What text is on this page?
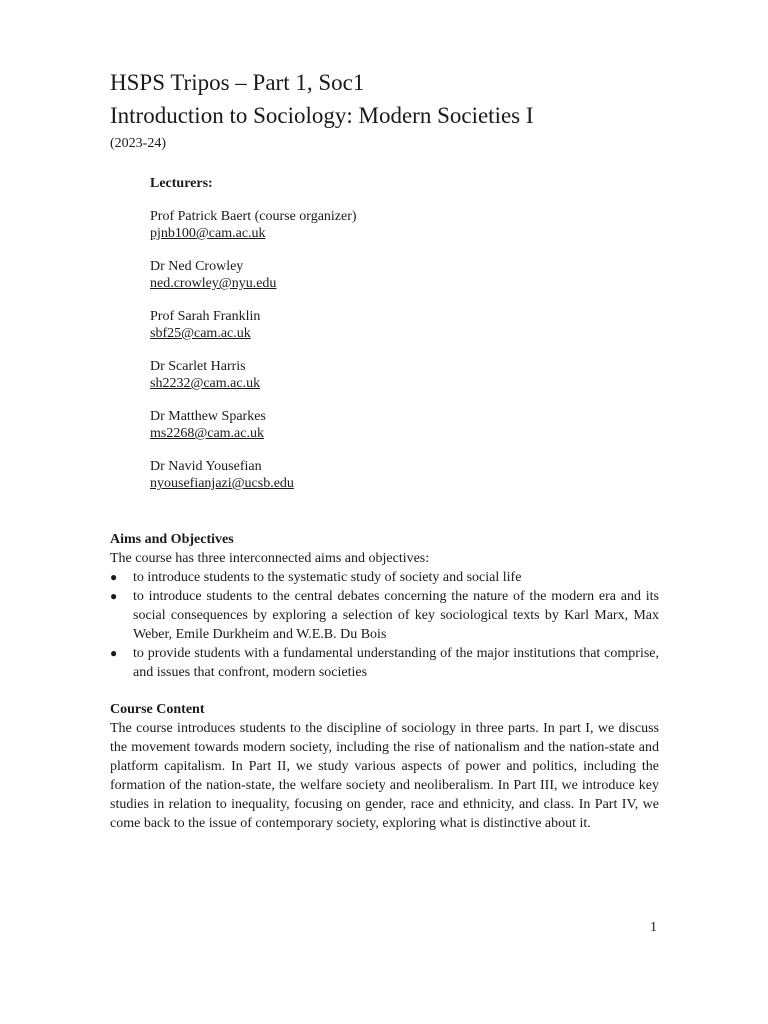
HSPS Tripos – Part 1, Soc1
Introduction to Sociology: Modern Societies I
(2023-24)
Lecturers:
Prof Patrick Baert (course organizer)
pjnb100@cam.ac.uk
Dr Ned Crowley
ned.crowley@nyu.edu
Prof Sarah Franklin
sbf25@cam.ac.uk
Dr Scarlet Harris
sh2232@cam.ac.uk
Dr Matthew Sparkes
ms2268@cam.ac.uk
Dr Navid Yousefian
nyousefianjazi@ucsb.edu
Aims and Objectives
The course has three interconnected aims and objectives:
● to introduce students to the systematic study of society and social life
● to introduce students to the central debates concerning the nature of the modern era and its social consequences by exploring a selection of key sociological texts by Karl Marx, Max Weber, Emile Durkheim and W.E.B. Du Bois
● to provide students with a fundamental understanding of the major institutions that comprise, and issues that confront, modern societies
Course Content
The course introduces students to the discipline of sociology in three parts. In part I, we discuss the movement towards modern society, including the rise of nationalism and the nation-state and platform capitalism. In Part II, we study various aspects of power and politics, including the formation of the nation-state, the welfare society and neoliberalism. In Part III, we introduce key studies in relation to inequality, focusing on gender, race and ethnicity, and class. In Part IV, we come back to the issue of contemporary society, exploring what is distinctive about it.
1
